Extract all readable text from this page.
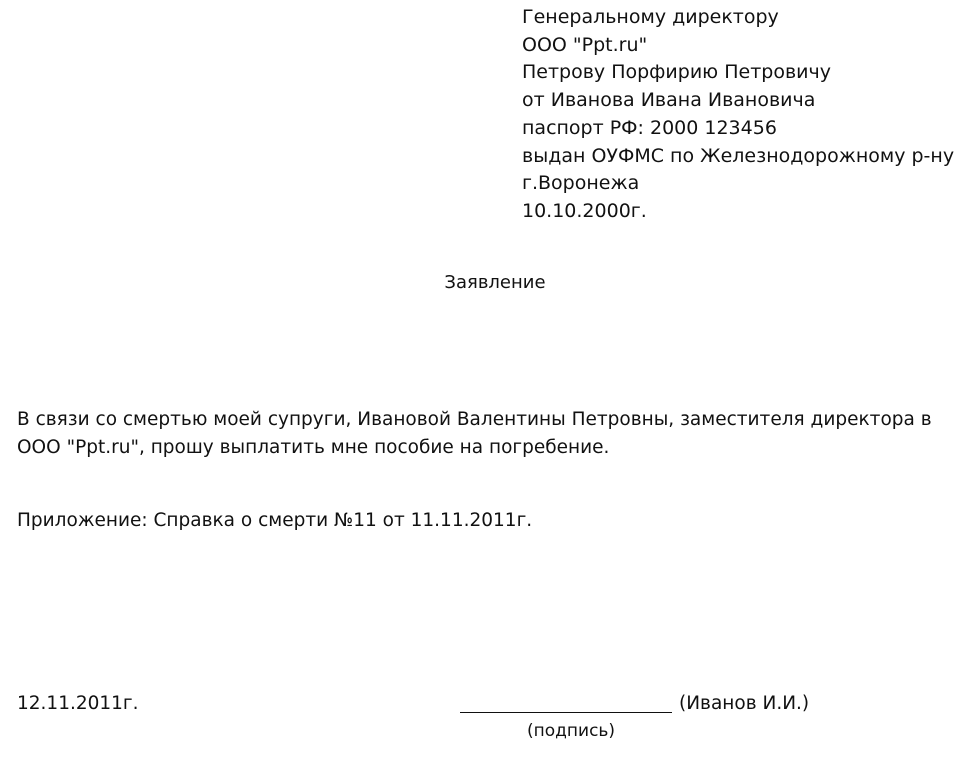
Генеральному директору
ООО "Ppt.ru"
Петрову Порфирию Петровичу
от Иванова Ивана Ивановича
паспорт РФ: 2000 123456
выдан ОУФМС по Железнодорожному р-ну
г.Воронежа
10.10.2000г.
Заявление
В связи со смертью моей супруги, Ивановой Валентины Петровны, заместителя директора в ООО "Ppt.ru", прошу выплатить мне пособие на погребение.
Приложение: Справка о смерти №11 от 11.11.2011г.
12.11.2011г.	(Иванов И.И.)
(подпись)
